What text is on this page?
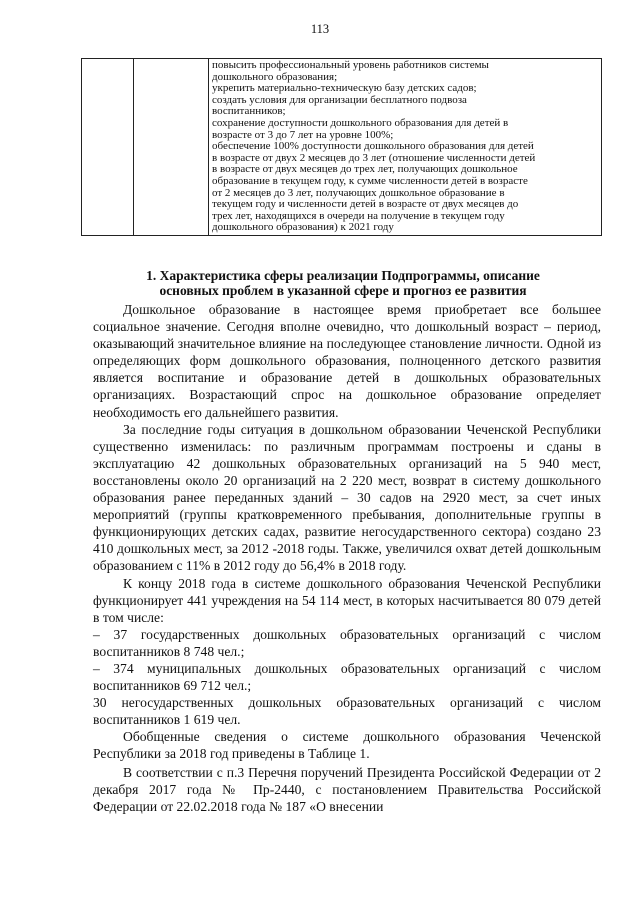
113

повысить профессиональный уровень работников системы
дошкольного образования;
укрепить материально-техническую базу детских садов;
создать условия для организации бесплатного подвоза
воспитанников;
сохранение доступности дошкольного образования для детей в
возрасте от 3 до 7 лет на уровне 100%;
обеспечение 100% доступности дошкольного образования для детей
в возрасте от двух 2 месяцев до 3 лет (отношение численности детей
в возрасте от двух месяцев до трех лет, получающих дошкольное
образование в текущем году, к сумме численности детей в возрасте
от 2 месяцев до 3 лет, получающих дошкольное образование в
текущем году и численности детей в возрасте от двух месяцев до
трех лет, находящихся в очереди на получение в текущем году
дошкольного образования) к 2021 году
1. Характеристика сферы реализации Подпрограммы, описание
основных проблем в указанной сфере и прогноз ее развития

Дошкольное образование в настоящее время приобретает все большее социальное значение. Сегодня вполне очевидно, что дошкольный возраст – период, оказывающий значительное влияние на последующее становление личности. Одной из определяющих форм дошкольного образования, полноценного детского развития является воспитание и образование детей в дошкольных образовательных организациях. Возрастающий спрос на дошкольное образование определяет необходимость его дальнейшего развития.

За последние годы ситуация в дошкольном образовании Чеченской Республики существенно изменилась: по различным программам построены и сданы в эксплуатацию 42 дошкольных образовательных организаций на 5 940 мест, восстановлены около 20 организаций на 2 220 мест, возврат в систему дошкольного образования ранее переданных зданий – 30 садов на 2920 мест, за счет иных мероприятий (группы кратковременного пребывания, дополнительные группы в функционирующих детских садах, развитие негосударственного сектора) создано 23 410 дошкольных мест, за 2012 -2018 годы. Также, увеличился охват детей дошкольным образованием с 11% в 2012 году до 56,4% в 2018 году.

К концу 2018 года в системе дошкольного образования Чеченской Республики функционирует 441 учреждения на 54 114 мест, в которых насчитывается 80 079 детей в том числе:

– 37 государственных дошкольных образовательных организаций с числом воспитанников 8 748 чел.;

– 374 муниципальных дошкольных образовательных организаций с числом воспитанников 69 712 чел.;

30 негосударственных дошкольных образовательных организаций с числом воспитанников 1 619 чел.

Обобщенные сведения о системе дошкольного образования Чеченской Республики за 2018 год приведены в Таблице 1.

В соответствии с п.3 Перечня поручений Президента Российской Федерации от 2 декабря 2017 года № Пр-2440, с постановлением Правительства Российской Федерации от 22.02.2018 года № 187 «О внесении
